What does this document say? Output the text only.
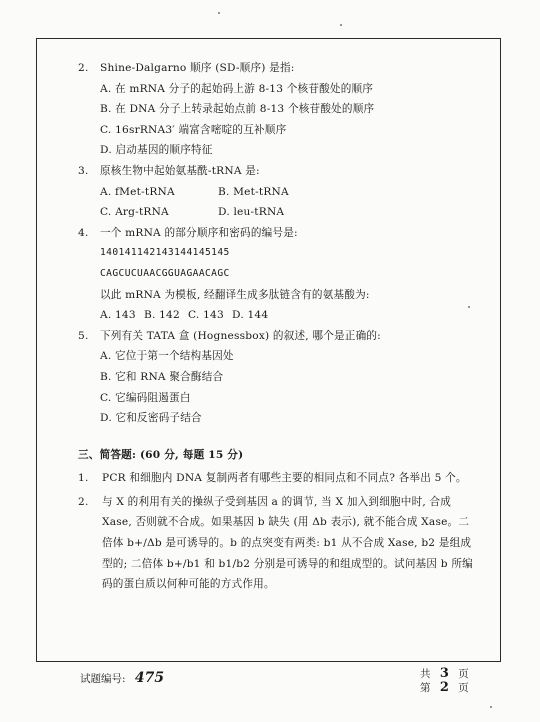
2.	Shine-Dalgarno 顺序 (SD-顺序) 是指:
A. 在 mRNA 分子的起始码上游 8-13 个核苷酸处的顺序
B. 在 DNA 分子上转录起始点前 8-13 个核苷酸处的顺序
C. 16srRNA3′ 端富含嘧啶的互补顺序
D. 启动基因的顺序特征
3.	原核生物中起始氨基酰-tRNA 是:
A. fMet-tRNA	B. Met-tRNA
C. Arg-tRNA	D. leu-tRNA
4.	一个 mRNA 的部分顺序和密码的编号是:
140141142143144145145
CAGCUCUAACGGUAGAACAGC
以此 mRNA 为模板, 经翻译生成多肽链含有的氨基酸为:
A. 143 B. 142 C. 143 D. 144
5.	下列有关 TATA 盒 (Hognessbox) 的叙述, 哪个是正确的:
A. 它位于第一个结构基因处
B. 它和 RNA 聚合酶结合
C. 它编码阻遏蛋白
D. 它和反密码子结合
三、简答题: (60 分, 每题 15 分)
1.	PCR 和细胞内 DNA 复制两者有哪些主要的相同点和不同点? 各举出 5 个。
2.	与 X 的利用有关的操纵子受到基因 a 的调节, 当 X 加入到细胞中时, 合成 Xase, 否则就不合成。如果基因 b 缺失 (用 Δb 表示), 就不能合成 Xase。二倍体 b+/Δb 是可诱导的。b 的点突变有两类: b1 从不合成 Xase, b2 是组成型的; 二倍体 b+/b1 和 b1/b2 分别是可诱导的和组成型的。试问基因 b 所编码的蛋白质以何种可能的方式作用。
试题编号: 475	共 3 页
第 2 页
